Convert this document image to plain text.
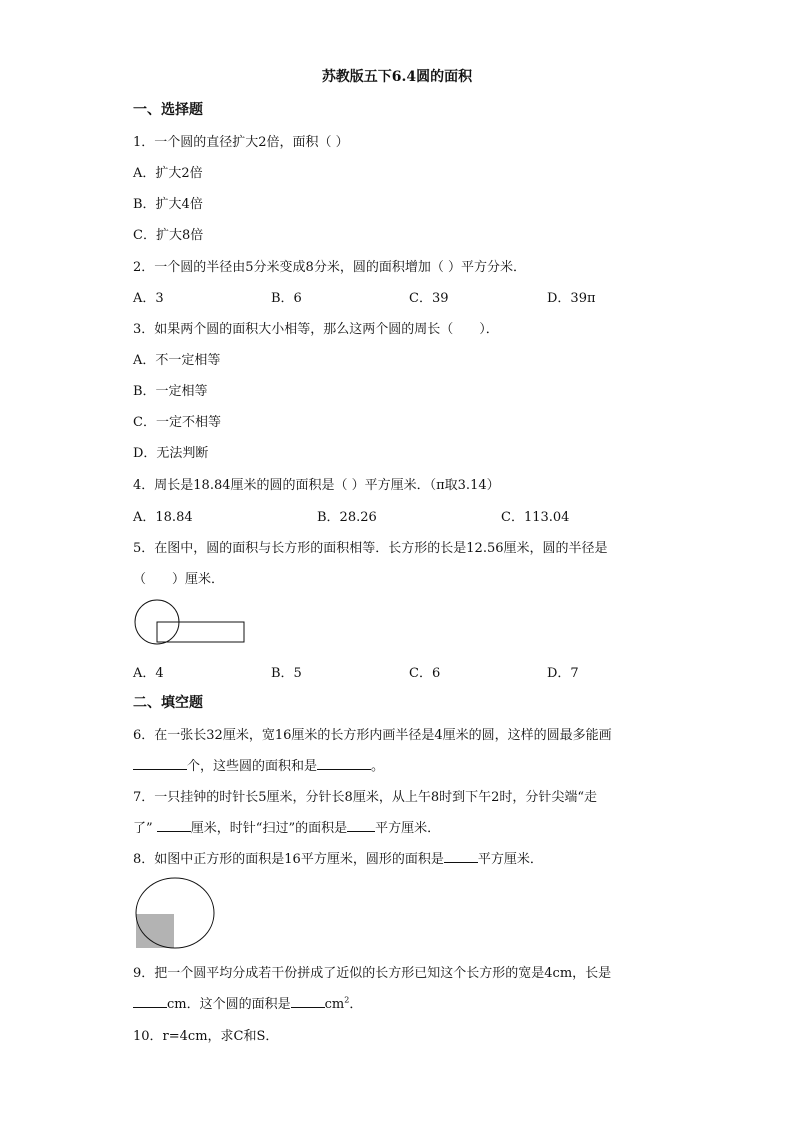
苏教版五下6.4圆的面积
一、选择题
1．一个圆的直径扩大2倍，面积（ ）
A．扩大2倍
B．扩大4倍
C．扩大8倍
2．一个圆的半径由5分米变成8分米，圆的面积增加（ ）平方分米．
A．3	B．6	C．39	D．39π
3．如果两个圆的面积大小相等，那么这两个圆的周长（　　）．
A．不一定相等
B．一定相等
C．一定不相等
D．无法判断
4．周长是18.84厘米的圆的面积是（ ）平方厘米．（π取3.14）
A．18.84	B．28.26	C．113.04
5．在图中，圆的面积与长方形的面积相等．长方形的长是12.56厘米，圆的半径是
（　　）厘米．
A．4	B．5	C．6	D．7
二、填空题
6．在一张长32厘米，宽16厘米的长方形内画半径是4厘米的圆，这样的圆最多能画
个，这些圆的面积和是	。
7．一只挂钟的时针长5厘米，分针长8厘米，从上午8时到下午2时，分针尖端“走
了”	厘米，时针“扫过”的面积是 平方厘米．
8．如图中正方形的面积是16平方厘米，圆形的面积是	平方厘米．
9．把一个圆平均分成若干份拼成了近似的长方形已知这个长方形的宽是4cm，长是
cm．这个圆的面积是	$cm^2$．
10．r=4cm，求C和S．
